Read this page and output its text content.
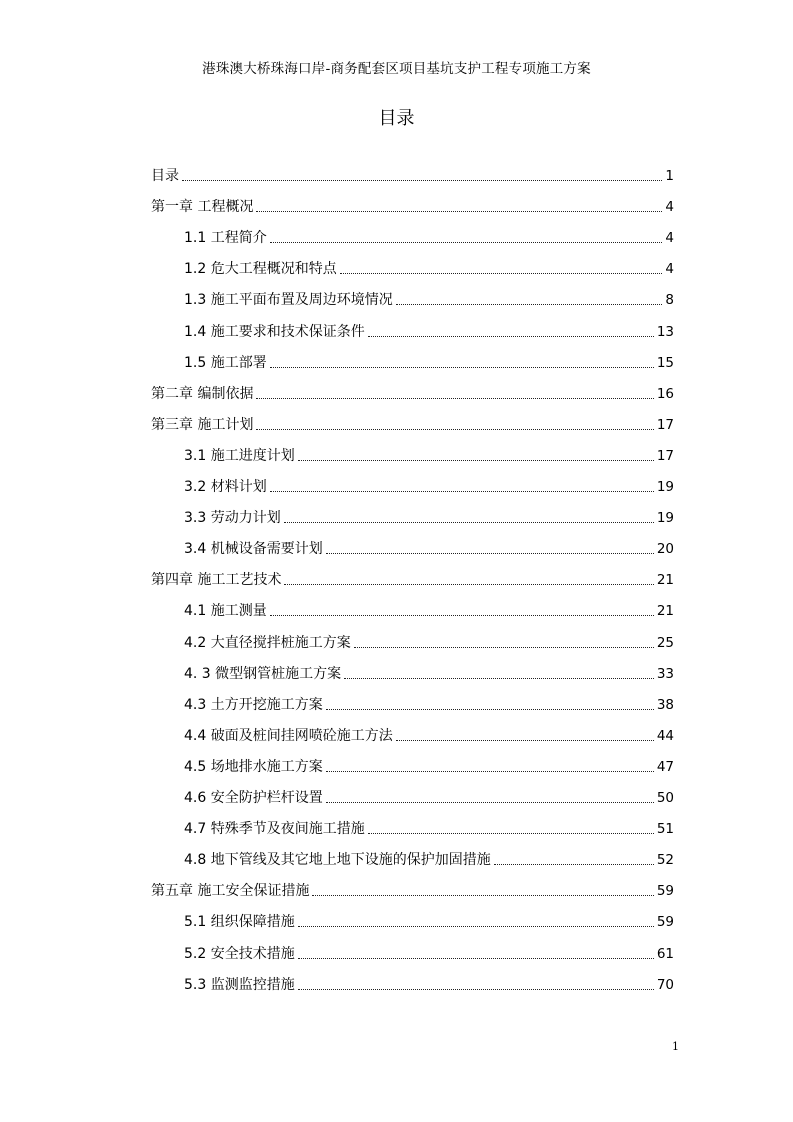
港珠澳大桥珠海口岸-商务配套区项目基坑支护工程专项施工方案
目录
目录	1
第一章 工程概况	4
1.1 工程简介	4
1.2 危大工程概况和特点	4
1.3 施工平面布置及周边环境情况	8
1.4 施工要求和技术保证条件	13
1.5 施工部署	15
第二章 编制依据	16
第三章 施工计划	17
3.1 施工进度计划	17
3.2 材料计划	19
3.3 劳动力计划	19
3.4 机械设备需要计划	20
第四章 施工工艺技术	21
4.1 施工测量	21
4.2 大直径搅拌桩施工方案	25
4. 3 微型钢管桩施工方案	33
4.3 土方开挖施工方案	38
4.4 破面及桩间挂网喷砼施工方法	44
4.5 场地排水施工方案	47
4.6 安全防护栏杆设置	50
4.7 特殊季节及夜间施工措施	51
4.8 地下管线及其它地上地下设施的保护加固措施	52
第五章 施工安全保证措施	59
5.1 组织保障措施	59
5.2 安全技术措施	61
5.3 监测监控措施	70
1
